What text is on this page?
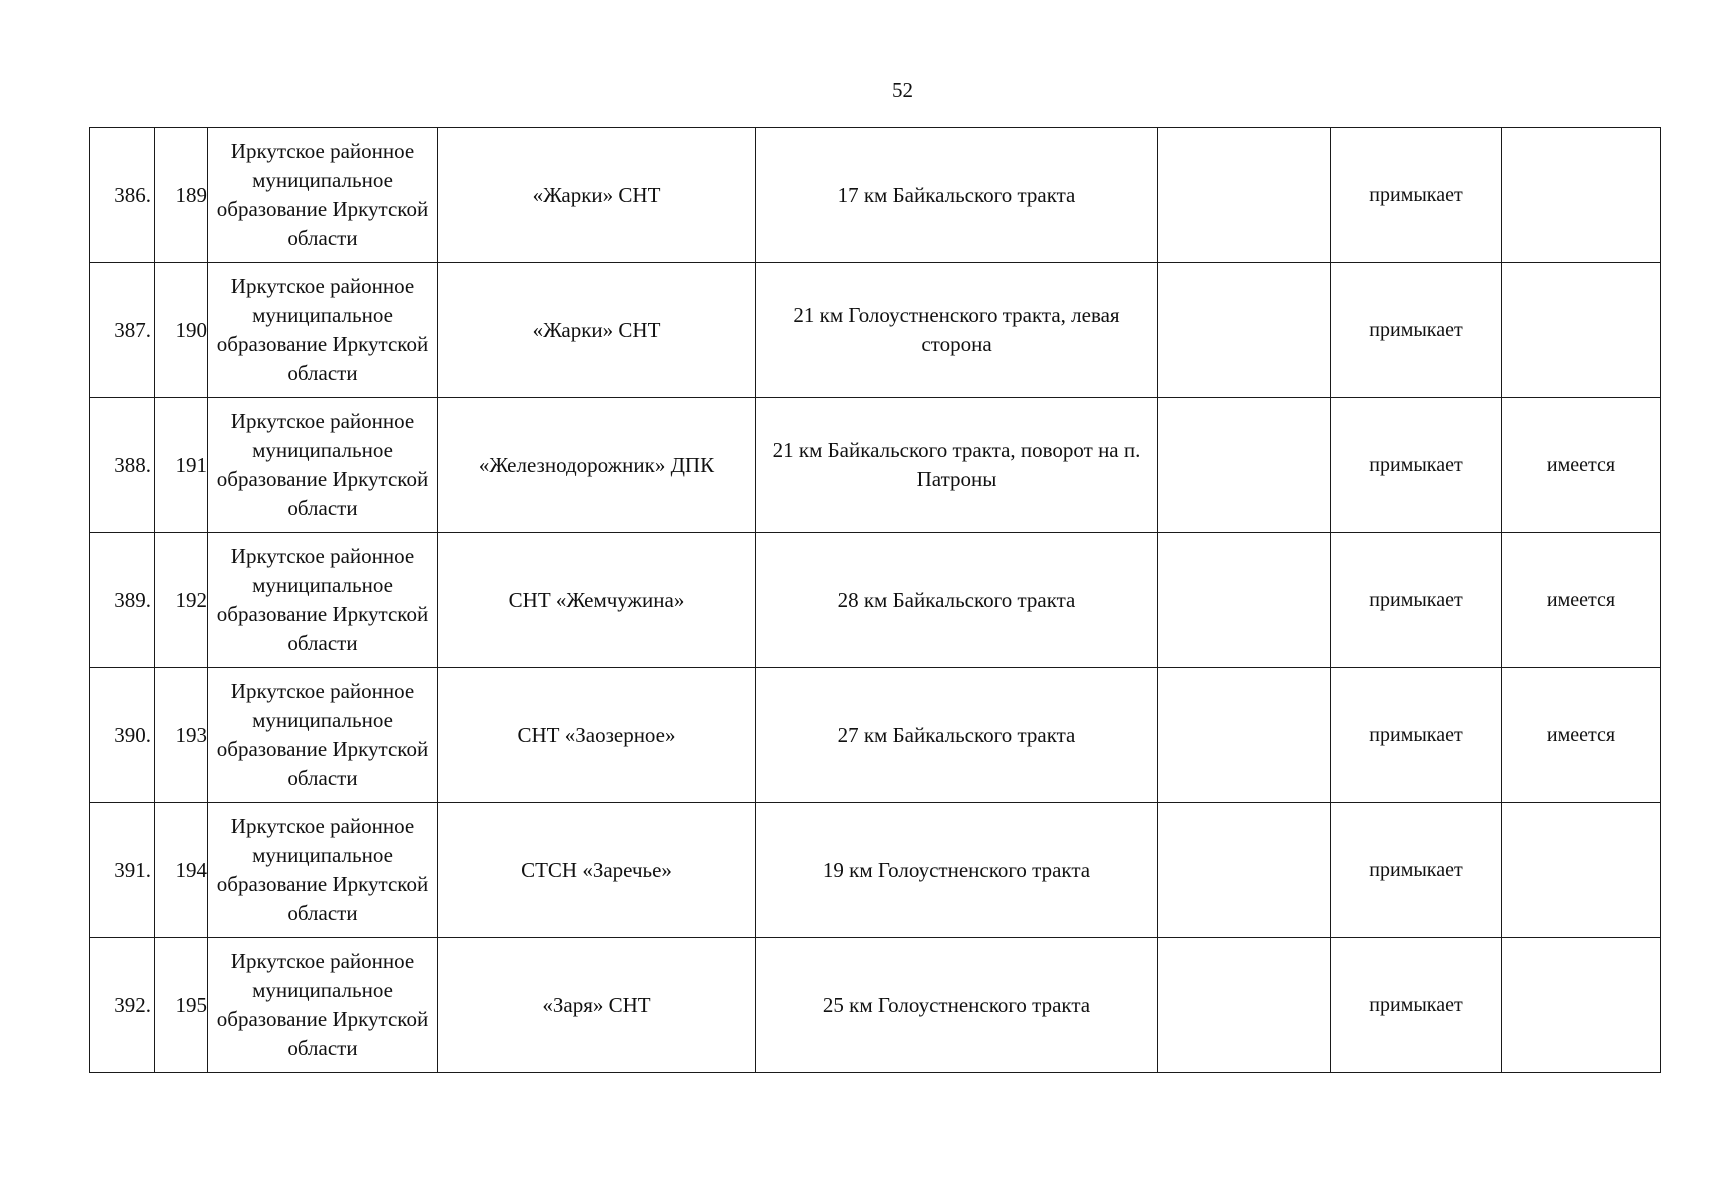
52
386.	189	Иркутское районное муниципальное образование Иркутской области	«Жарки» СНТ	17 км Байкальского тракта		примыкает	
387.	190	Иркутское районное муниципальное образование Иркутской области	«Жарки» СНТ	21 км Голоустненского тракта, левая сторона		примыкает	
388.	191	Иркутское районное муниципальное образование Иркутской области	«Железнодорожник» ДПК	21 км Байкальского тракта, поворот на п. Патроны		примыкает	имеется
389.	192	Иркутское районное муниципальное образование Иркутской области	СНТ «Жемчужина»	28 км Байкальского тракта		примыкает	имеется
390.	193	Иркутское районное муниципальное образование Иркутской области	СНТ «Заозерное»	27 км Байкальского тракта		примыкает	имеется
391.	194	Иркутское районное муниципальное образование Иркутской области	СТСН «Заречье»	19 км Голоустненского тракта		примыкает	
392.	195	Иркутское районное муниципальное образование Иркутской области	«Заря» СНТ	25 км Голоустненского тракта		примыкает	
